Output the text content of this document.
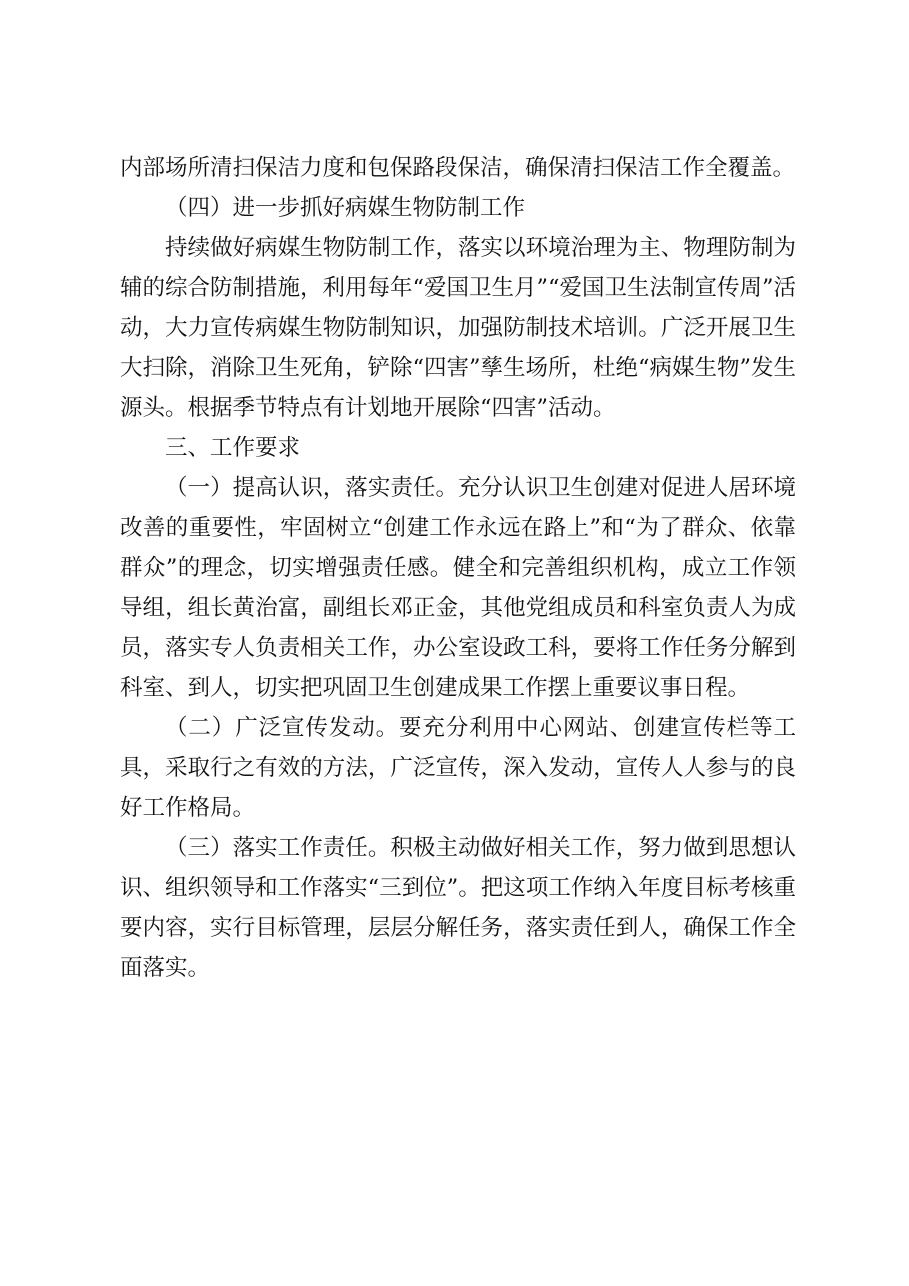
内部场所清扫保洁力度和包保路段保洁，确保清扫保洁工作全覆盖。

（四）进一步抓好病媒生物防制工作

持续做好病媒生物防制工作，落实以环境治理为主、物理防制为辅的综合防制措施，利用每年“爱国卫生月”“爱国卫生法制宣传周”活动，大力宣传病媒生物防制知识，加强防制技术培训。广泛开展卫生大扫除，消除卫生死角，铲除“四害”孳生场所，杜绝“病媒生物”发生源头。根据季节特点有计划地开展除“四害”活动。

三、工作要求

（一）提高认识，落实责任。充分认识卫生创建对促进人居环境改善的重要性，牢固树立“创建工作永远在路上”和“为了群众、依靠群众”的理念，切实增强责任感。健全和完善组织机构，成立工作领导组，组长黄治富，副组长邓正金，其他党组成员和科室负责人为成员，落实专人负责相关工作，办公室设政工科，要将工作任务分解到科室、到人，切实把巩固卫生创建成果工作摆上重要议事日程。

（二）广泛宣传发动。要充分利用中心网站、创建宣传栏等工具，采取行之有效的方法，广泛宣传，深入发动，宣传人人参与的良好工作格局。

（三）落实工作责任。积极主动做好相关工作，努力做到思想认识、组织领导和工作落实“三到位”。把这项工作纳入年度目标考核重要内容，实行目标管理，层层分解任务，落实责任到人，确保工作全面落实。
